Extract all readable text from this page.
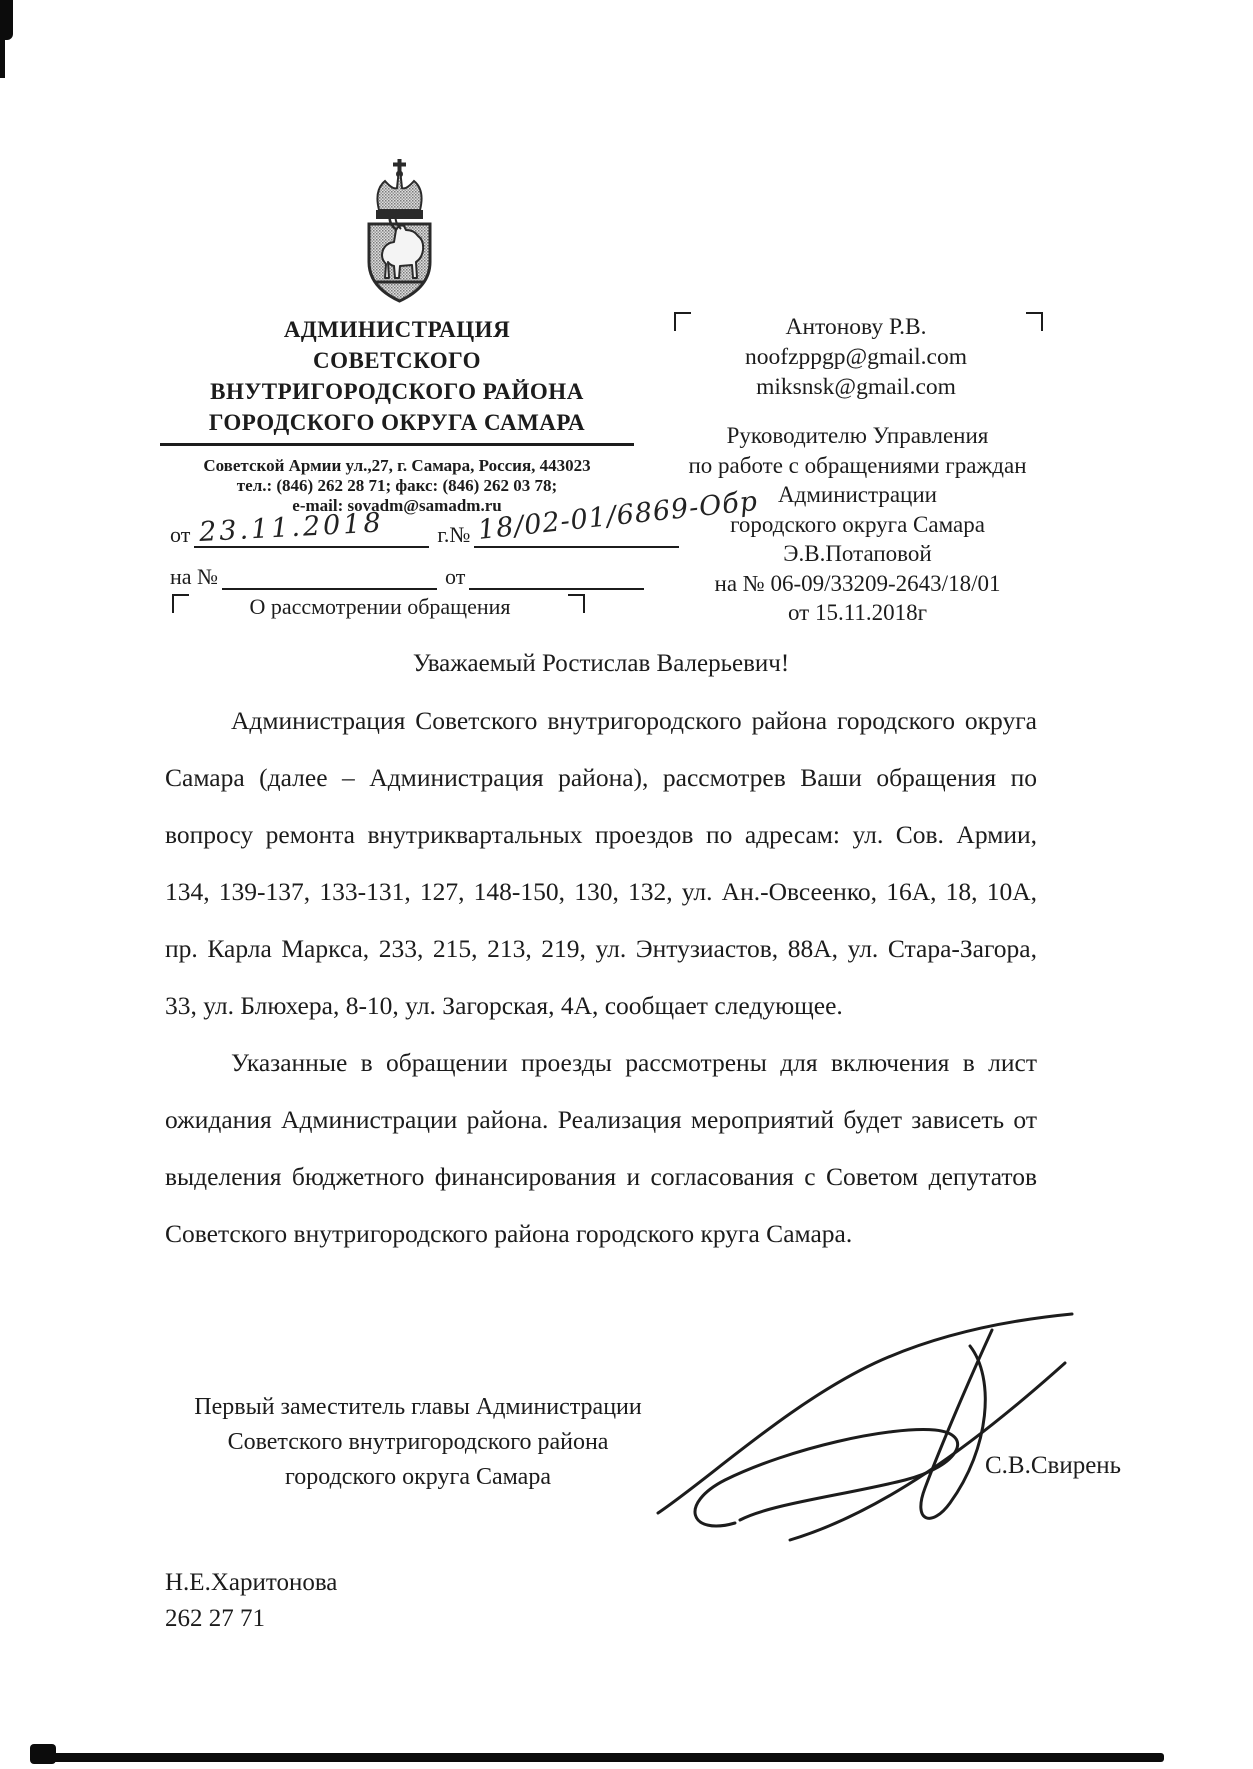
АДМИНИСТРАЦИЯ
СОВЕТСКОГО
ВНУТРИГОРОДСКОГО РАЙОНА
ГОРОДСКОГО ОКРУГА САМАРА
Советской Армии ул.,27, г. Самара, Россия, 443023
тел.: (846) 262 28 71; факс: (846) 262 03 78;
e-mail: sovadm@samadm.ru
от 23.11.2018	г.№ 18/02-01/6869-Обр
на №	от
О рассмотрении обращения
Антонову Р.В.
noofzppgp@gmail.com
miksnsk@gmail.com
Руководителю Управления
по работе с обращениями граждан
Администрации
городского округа Самара
Э.В.Потаповой
на № 06-09/33209-2643/18/01
от 15.11.2018г
Уважаемый Ростислав Валерьевич!

Администрация Советского внутригородского района городского округа Самара (далее – Администрация района), рассмотрев Ваши обращения по вопросу ремонта внутриквартальных проездов по адресам: ул. Сов. Армии, 134, 139-137, 133-131, 127, 148-150, 130, 132, ул. Ан.-Овсеенко, 16А, 18, 10А, пр. Карла Маркса, 233, 215, 213, 219, ул. Энтузиастов, 88А, ул. Стара-Загора, 33, ул. Блюхера, 8-10, ул. Загорская, 4А, сообщает следующее.

Указанные в обращении проезды рассмотрены для включения в лист ожидания Администрации района. Реализация мероприятий будет зависеть от выделения бюджетного финансирования и согласования с Советом депутатов Советского внутригородского района городского круга Самара.

Первый заместитель главы Администрации
Советского внутригородского района
городского округа Самара	С.В.Свирень
Н.Е.Харитонова
262 27 71
